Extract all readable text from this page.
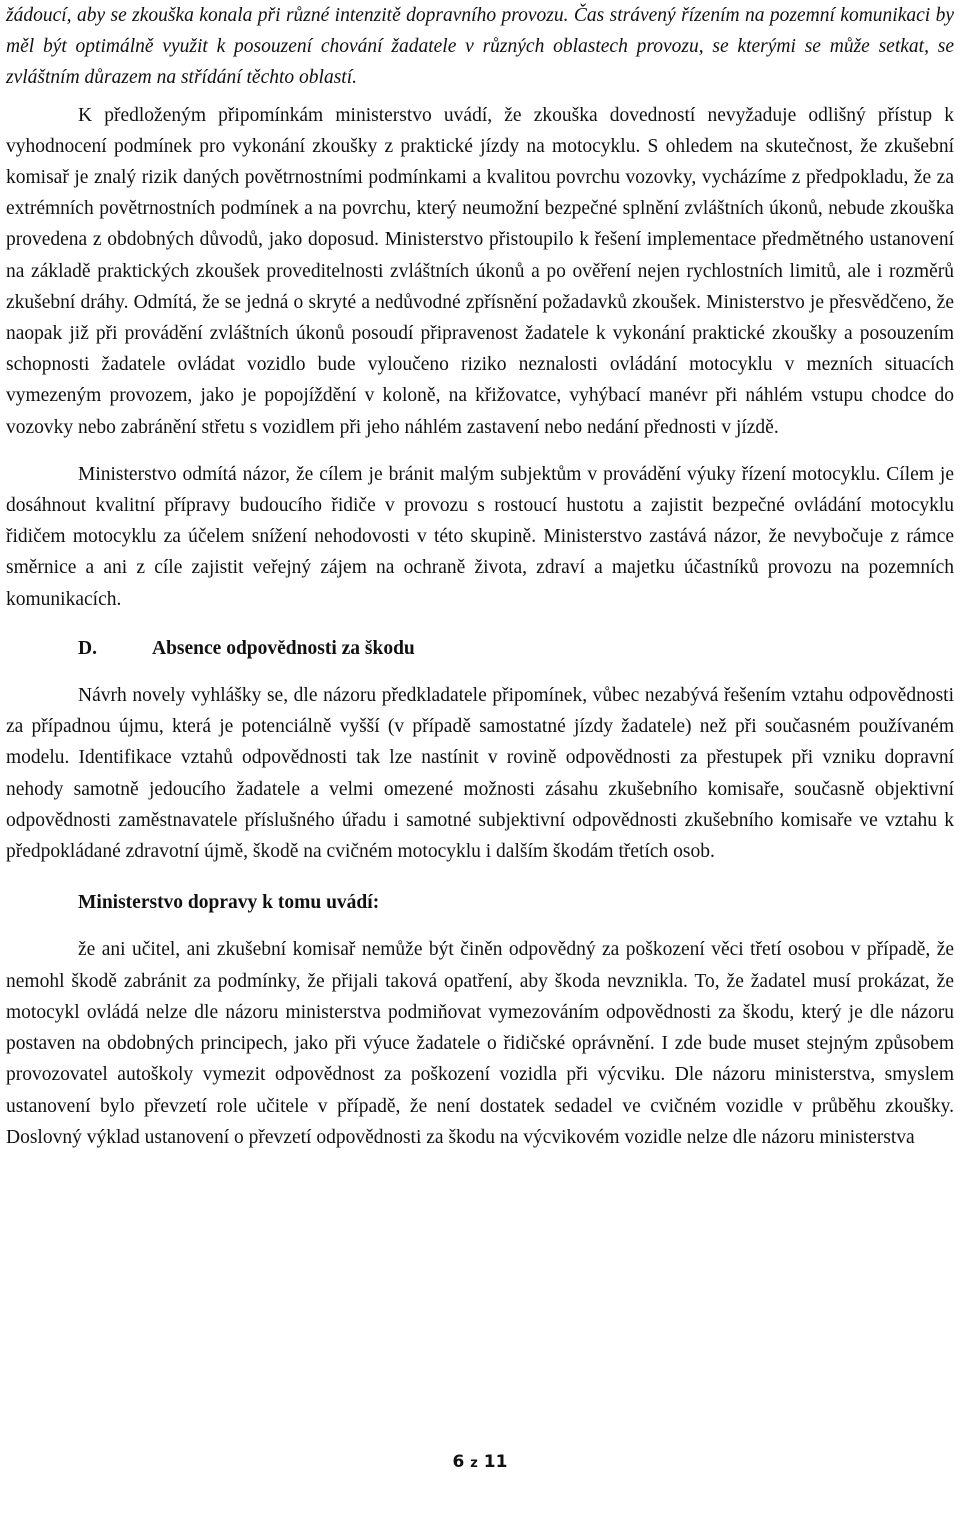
žádoucí, aby se zkouška konala při různé intenzitě dopravního provozu. Čas strávený řízením na pozemní komunikaci by měl být optimálně využit k posouzení chování žadatele v různých oblastech provozu, se kterými se může setkat, se zvláštním důrazem na střídání těchto oblastí.

K předloženým připomínkám ministerstvo uvádí, že zkouška dovedností nevyžaduje odlišný přístup k vyhodnocení podmínek pro vykonání zkoušky z praktické jízdy na motocyklu. S ohledem na skutečnost, že zkušební komisař je znalý rizik daných povětrnostními podmínkami a kvalitou povrchu vozovky, vycházíme z předpokladu, že za extrémních povětrnostních podmínek a na povrchu, který neumožní bezpečné splnění zvláštních úkonů, nebude zkouška provedena z obdobných důvodů, jako doposud. Ministerstvo přistoupilo k řešení implementace předmětného ustanovení na základě praktických zkoušek proveditelnosti zvláštních úkonů a po ověření nejen rychlostních limitů, ale i rozměrů zkušební dráhy. Odmítá, že se jedná o skryté a nedůvodné zpřísnění požadavků zkoušek. Ministerstvo je přesvědčeno, že naopak již při provádění zvláštních úkonů posoudí připravenost žadatele k vykonání praktické zkoušky a posouzením schopnosti žadatele ovládat vozidlo bude vyloučeno riziko neznalosti ovládání motocyklu v mezních situacích vymezeným provozem, jako je popojíždění v koloně, na křižovatce, vyhýbací manévr při náhlém vstupu chodce do vozovky nebo zabránění střetu s vozidlem při jeho náhlém zastavení nebo nedání přednosti v jízdě.

Ministerstvo odmítá názor, že cílem je bránit malým subjektům v provádění výuky řízení motocyklu. Cílem je dosáhnout kvalitní přípravy budoucího řidiče v provozu s rostoucí hustotu a zajistit bezpečné ovládání motocyklu řidičem motocyklu za účelem snížení nehodovosti v této skupině. Ministerstvo zastává názor, že nevybočuje z rámce směrnice a ani z cíle zajistit veřejný zájem na ochraně života, zdraví a majetku účastníků provozu na pozemních komunikacích.

D.	Absence odpovědnosti za škodu

Návrh novely vyhlášky se, dle názoru předkladatele připomínek, vůbec nezabývá řešením vztahu odpovědnosti za případnou újmu, která je potenciálně vyšší (v případě samostatné jízdy žadatele) než při současném používaném modelu. Identifikace vztahů odpovědnosti tak lze nastínit v rovině odpovědnosti za přestupek při vzniku dopravní nehody samotně jedoucího žadatele a velmi omezené možnosti zásahu zkušebního komisaře, současně objektivní odpovědnosti zaměstnavatele příslušného úřadu i samotné subjektivní odpovědnosti zkušebního komisaře ve vztahu k předpokládané zdravotní újmě, škodě na cvičném motocyklu i dalším škodám třetích osob.

Ministerstvo dopravy k tomu uvádí:

že ani učitel, ani zkušební komisař nemůže být činěn odpovědný za poškození věci třetí osobou v případě, že nemohl škodě zabránit za podmínky, že přijali taková opatření, aby škoda nevznikla. To, že žadatel musí prokázat, že motocykl ovládá nelze dle názoru ministerstva podmiňovat vymezováním odpovědnosti za škodu, který je dle názoru postaven na obdobných principech, jako při výuce žadatele o řidičské oprávnění. I zde bude muset stejným způsobem provozovatel autoškoly vymezit odpovědnost za poškození vozidla při výcviku. Dle názoru ministerstva, smyslem ustanovení bylo převzetí role učitele v případě, že není dostatek sedadel ve cvičném vozidle v průběhu zkoušky. Doslovný výklad ustanovení o převzetí odpovědnosti za škodu na výcvikovém vozidle nelze dle názoru ministerstva

6 z 11
